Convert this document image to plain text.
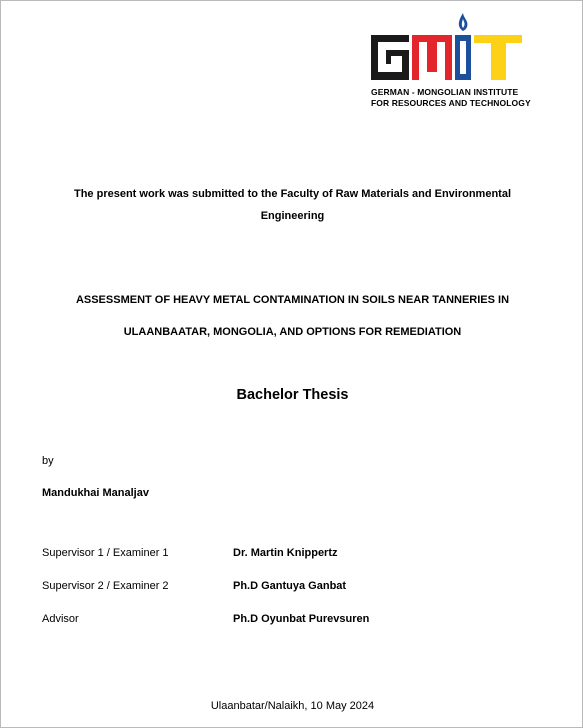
GERMAN - MONGOLIAN INSTITUTE
FOR RESOURCES AND TECHNOLOGY
The present work was submitted to the Faculty of Raw Materials and Environmental
Engineering
ASSESSMENT OF HEAVY METAL CONTAMINATION IN SOILS NEAR TANNERIES IN
ULAANBAATAR, MONGOLIA, AND OPTIONS FOR REMEDIATION
Bachelor Thesis
by
Mandukhai Manaljav
Supervisor 1 / Examiner 1	Dr. Martin Knippertz
Supervisor 2 / Examiner 2	Ph.D Gantuya Ganbat
Advisor	Ph.D Oyunbat Purevsuren
Ulaanbatar/Nalaikh, 10 May 2024
